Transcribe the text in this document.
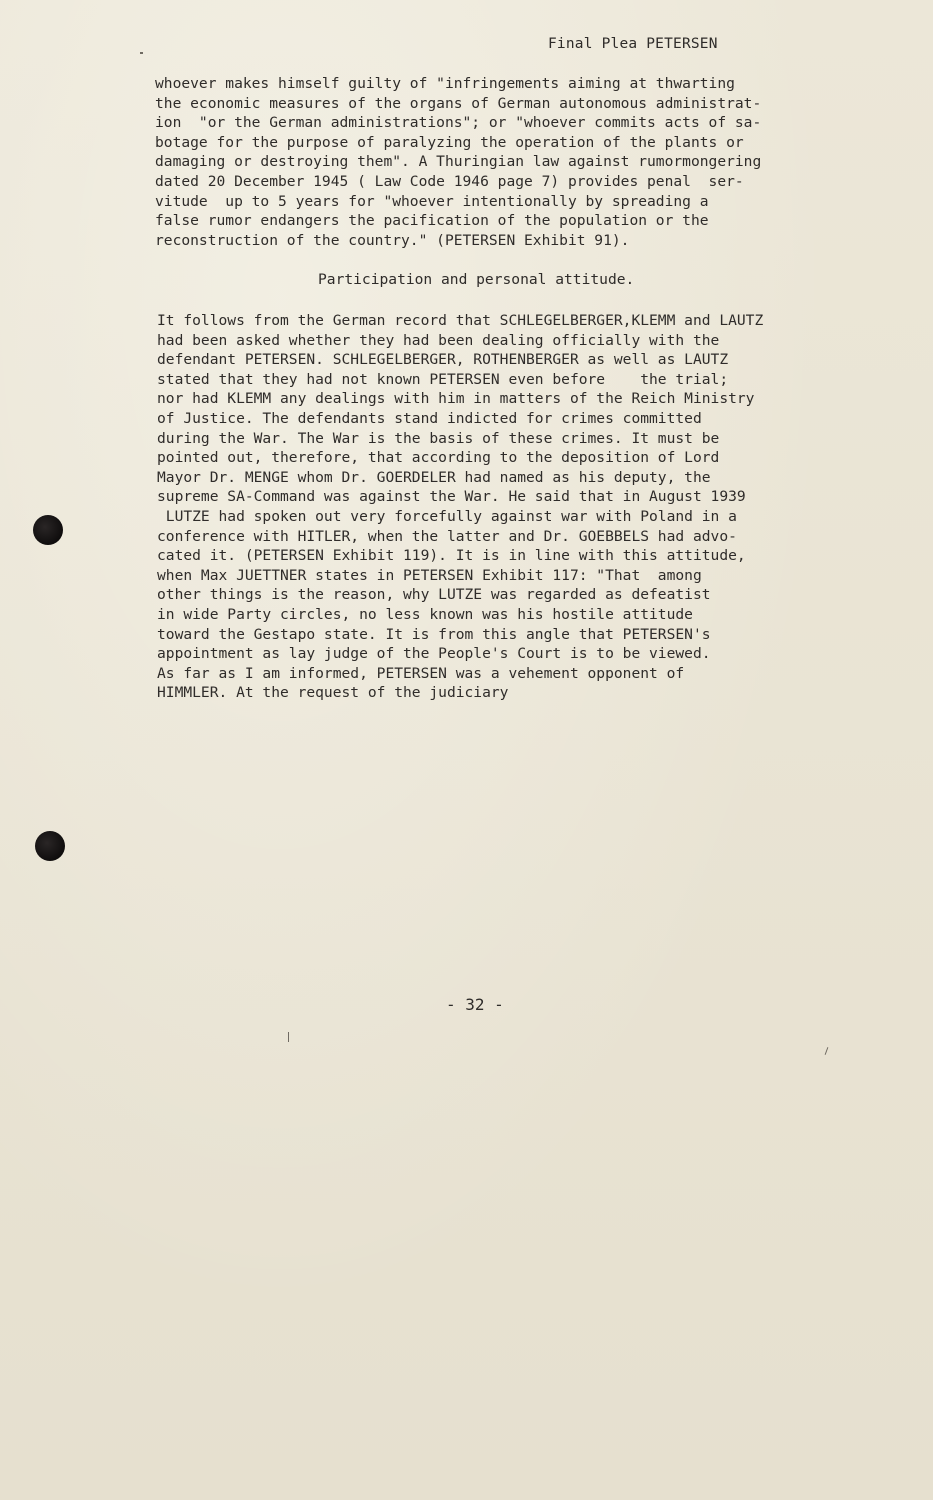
Final Plea PETERSEN
whoever makes himself guilty of "infringements aiming at thwarting
the economic measures of the organs of German autonomous administrat-
ion  "or the German administrations"; or "whoever commits acts of sa-
botage for the purpose of paralyzing the operation of the plants or
damaging or destroying them". A Thuringian law against rumormongering
dated 20 December 1945 ( Law Code 1946 page 7) provides penal  ser-
vitude  up to 5 years for "whoever intentionally by spreading a
false rumor endangers the pacification of the population or the
reconstruction of the country." (PETERSEN Exhibit 91).
Participation and personal attitude.
It follows from the German record that SCHLEGELBERGER,KLEMM and LAUTZ
had been asked whether they had been dealing officially with the
defendant PETERSEN. SCHLEGELBERGER, ROTHENBERGER as well as LAUTZ
stated that they had not known PETERSEN even before    the trial;
nor had KLEMM any dealings with him in matters of the Reich Ministry
of Justice. The defendants stand indicted for crimes committed
during the War. The War is the basis of these crimes. It must be
pointed out, therefore, that according to the deposition of Lord
Mayor Dr. MENGE whom Dr. GOERDELER had named as his deputy, the
supreme SA-Command was against the War. He said that in August 1939
LUTZE had spoken out very forcefully against war with Poland in a
conference with HITLER, when the latter and Dr. GOEBBELS had advo-
cated it. (PETERSEN Exhibit 119). It is in line with this attitude,
when Max JUETTNER states in PETERSEN Exhibit 117: "That  among
other things is the reason, why LUTZE was regarded as defeatist
in wide Party circles, no less known was his hostile attitude
toward the Gestapo state. It is from this angle that PETERSEN's
appointment as lay judge of the People's Court is to be viewed.
As far as I am informed, PETERSEN was a vehement opponent of
HIMMLER. At the request of the judiciary
- 32 -
